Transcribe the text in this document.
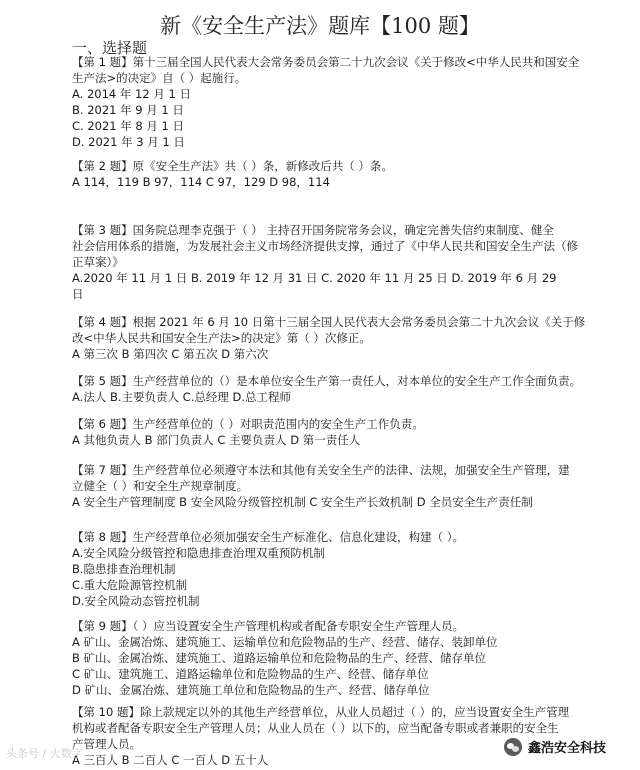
新《安全生产法》题库【100 题】
一、选择题
【第 1 题】第十三届全国人民代表大会常务委员会第二十九次会议《关于修改<中华人民共和国安全
生产法>的决定》自（ ）起施行。
A. 2014 年 12 月 1 日
B. 2021 年 9 月 1 日
C. 2021 年 8 月 1 日
D. 2021 年 3 月 1 日
【第 2 题】原《安全生产法》共（ ）条，新修改后共（ ）条。
A 114，119 B 97，114 C 97，129 D 98，114
【第 3 题】国务院总理李克强于（ ） 主持召开国务院常务会议，确定完善失信约束制度、健全
社会信用体系的措施，为发展社会主义市场经济提供支撑，通过了《中华人民共和国安全生产法（修
正草案）》
A.2020 年 11 月 1 日 B. 2019 年 12 月 31 日 C. 2020 年 11 月 25 日 D. 2019 年 6 月 29
日
【第 4 题】根据 2021 年 6 月 10 日第十三届全国人民代表大会常务委员会第二十九次会议《关于修
改<中华人民共和国安全生产法>的决定》第（ ）次修正。
A 第三次 B 第四次 C 第五次 D 第六次
【第 5 题】生产经营单位的（）是本单位安全生产第一责任人，对本单位的安全生产工作全面负责。
A.法人 B.主要负责人 C.总经理 D.总工程师
【第 6 题】生产经营单位的（ ）对职责范围内的安全生产工作负责。
A 其他负责人 B 部门负责人 C 主要负责人 D 第一责任人
【第 7 题】生产经营单位必须遵守本法和其他有关安全生产的法律、法规，加强安全生产管理，建
立健全（ ）和安全生产规章制度。
A 安全生产管理制度 B 安全风险分级管控机制 C 安全生产长效机制 D 全员安全生产责任制
【第 8 题】生产经营单位必须加强安全生产标准化、信息化建设，构建（ ）。
A.安全风险分级管控和隐患排查治理双重预防机制
B.隐患排查治理机制
C.重大危险源管控机制
D.安全风险动态管控机制
【第 9 题】（ ）应当设置安全生产管理机构或者配备专职安全生产管理人员。
A 矿山、金属冶炼、建筑施工、运输单位和危险物品的生产、经营、储存、装卸单位
B 矿山、金属冶炼、建筑施工、道路运输单位和危险物品的生产、经营、储存单位
C 矿山、建筑施工、道路运输单位和危险物品的生产、经营、储存单位
D 矿山、金属冶炼、建筑施工单位和危险物品的生产、经营、储存单位
【第 10 题】除上款规定以外的其他生产经营单位，从业人员超过（ ）的，应当设置安全生产管理
机构或者配备专职安全生产管理人员；从业人员在（ ）以下的，应当配备专职或者兼职的安全生
产管理人员。
A 三百人 B 二百人 C 一百人 D 五十人
头条号 / 火数字	鑫浩安全科技
